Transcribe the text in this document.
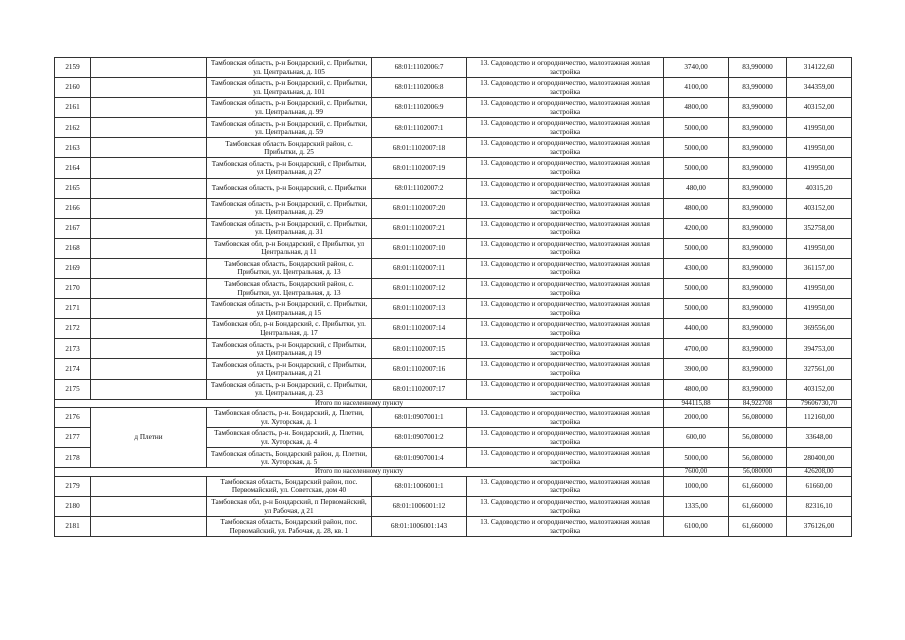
2159		Тамбовская область, р-н Бондарский, с. Прибытки, ул. Центральная, д. 105	68:01:1102006:7	13. Садоводство и огородничество, малоэтажная жилая застройка	3740,00	83,990000	314122,60
2160		Тамбовская область, р-н Бондарский, с. Прибытки, ул. Центральная, д. 101	68:01:1102006:8	13. Садоводство и огородничество, малоэтажная жилая застройка	4100,00	83,990000	344359,00
2161		Тамбовская область, р-н Бондарский, с. Прибытки, ул. Центральная, д. 99	68:01:1102006:9	13. Садоводство и огородничество, малоэтажная жилая застройка	4800,00	83,990000	403152,00
2162		Тамбовская область, р-н Бондарский, с. Прибытки, ул. Центральная, д. 59	68:01:1102007:1	13. Садоводство и огородничество, малоэтажная жилая застройка	5000,00	83,990000	419950,00
2163		Тамбовская область Бондарский район, с. Прибытки, д. 25	68:01:1102007:18	13. Садоводство и огородничество, малоэтажная жилая застройка	5000,00	83,990000	419950,00
2164		Тамбовская область, р-н Бондарский, с Прибытки, ул Центральная, д 27	68:01:1102007:19	13. Садоводство и огородничество, малоэтажная жилая застройка	5000,00	83,990000	419950,00
2165		Тамбовская область, р-н Бондарский, с. Прибытки	68:01:1102007:2	13. Садоводство и огородничество, малоэтажная жилая застройка	480,00	83,990000	40315,20
2166		Тамбовская область, р-н Бондарский, с. Прибытки, ул. Центральная, д. 29	68:01:1102007:20	13. Садоводство и огородничество, малоэтажная жилая застройка	4800,00	83,990000	403152,00
2167		Тамбовская область, р-н Бондарский, с. Прибытки, ул. Центральная, д. 31	68:01:1102007:21	13. Садоводство и огородничество, малоэтажная жилая застройка	4200,00	83,990000	352758,00
2168		Тамбовская обл, р-н Бондарский, с Прибытки, ул Центральная, д 11	68:01:1102007:10	13. Садоводство и огородничество, малоэтажная жилая застройка	5000,00	83,990000	419950,00
2169		Тамбовская область, Бондарский район, с. Прибытки, ул. Центральная, д. 13	68:01:1102007:11	13. Садоводство и огородничество, малоэтажная жилая застройка	4300,00	83,990000	361157,00
2170		Тамбовская область, Бондарский район, с. Прибытки, ул. Центральная, д. 13	68:01:1102007:12	13. Садоводство и огородничество, малоэтажная жилая застройка	5000,00	83,990000	419950,00
2171		Тамбовская область, р-н Бондарский, с. Прибытки, ул Центральная, д 15	68:01:1102007:13	13. Садоводство и огородничество, малоэтажная жилая застройка	5000,00	83,990000	419950,00
2172		Тамбовская обл, р-н Бондарский, с. Прибытки, ул. Центральная, д. 17	68:01:1102007:14	13. Садоводство и огородничество, малоэтажная жилая застройка	4400,00	83,990000	369556,00
2173		Тамбовская область, р-н Бондарский, с Прибытки, ул Центральная, д 19	68:01:1102007:15	13. Садоводство и огородничество, малоэтажная жилая застройка	4700,00	83,990000	394753,00
2174		Тамбовская область, р-н Бондарский, с Прибытки, ул Центральная, д 21	68:01:1102007:16	13. Садоводство и огородничество, малоэтажная жилая застройка	3900,00	83,990000	327561,00
2175		Тамбовская область, р-н Бондарский, с. Прибытки, ул. Центральная, д. 23	68:01:1102007:17	13. Садоводство и огородничество, малоэтажная жилая застройка	4800,00	83,990000	403152,00
Итого по населенному пункту					944115,88	84,922708	79606730,70
2176	д Плетни	Тамбовская область, р-н. Бондарский, д. Плетни, ул. Хуторская, д. 1	68:01:0907001:1	13. Садоводство и огородничество, малоэтажная жилая застройка	2000,00	56,080000	112160,00
2177		Тамбовская область, р-н. Бондарский, д. Плетни, ул. Хуторская, д. 4	68:01:0907001:2	13. Садоводство и огородничество, малоэтажная жилая застройка	600,00	56,080000	33648,00
2178		Тамбовская область, Бондарский район, д. Плетни, ул. Хуторская, д. 5	68:01:0907001:4	13. Садоводство и огородничество, малоэтажная жилая застройка	5000,00	56,080000	280400,00
Итого по населенному пункту					7600,00	56,080000	426208,00
2179		Тамбовская область, Бондарский район, пос. Первомайский, ул. Советская, дом 40	68:01:1006001:1	13. Садоводство и огородничество, малоэтажная жилая застройка	1000,00	61,660000	61660,00
2180		Тамбовская обл, р-н Бондарский, п Первомайский, ул Рабочая, д 21	68:01:1006001:12	13. Садоводство и огородничество, малоэтажная жилая застройка	1335,00	61,660000	82316,10
2181		Тамбовская область, Бондарский район, пос. Первомайский, ул. Рабочая, д. 28, кв. 1	68:01:1006001:143	13. Садоводство и огородничество, малоэтажная жилая застройка	6100,00	61,660000	376126,00
